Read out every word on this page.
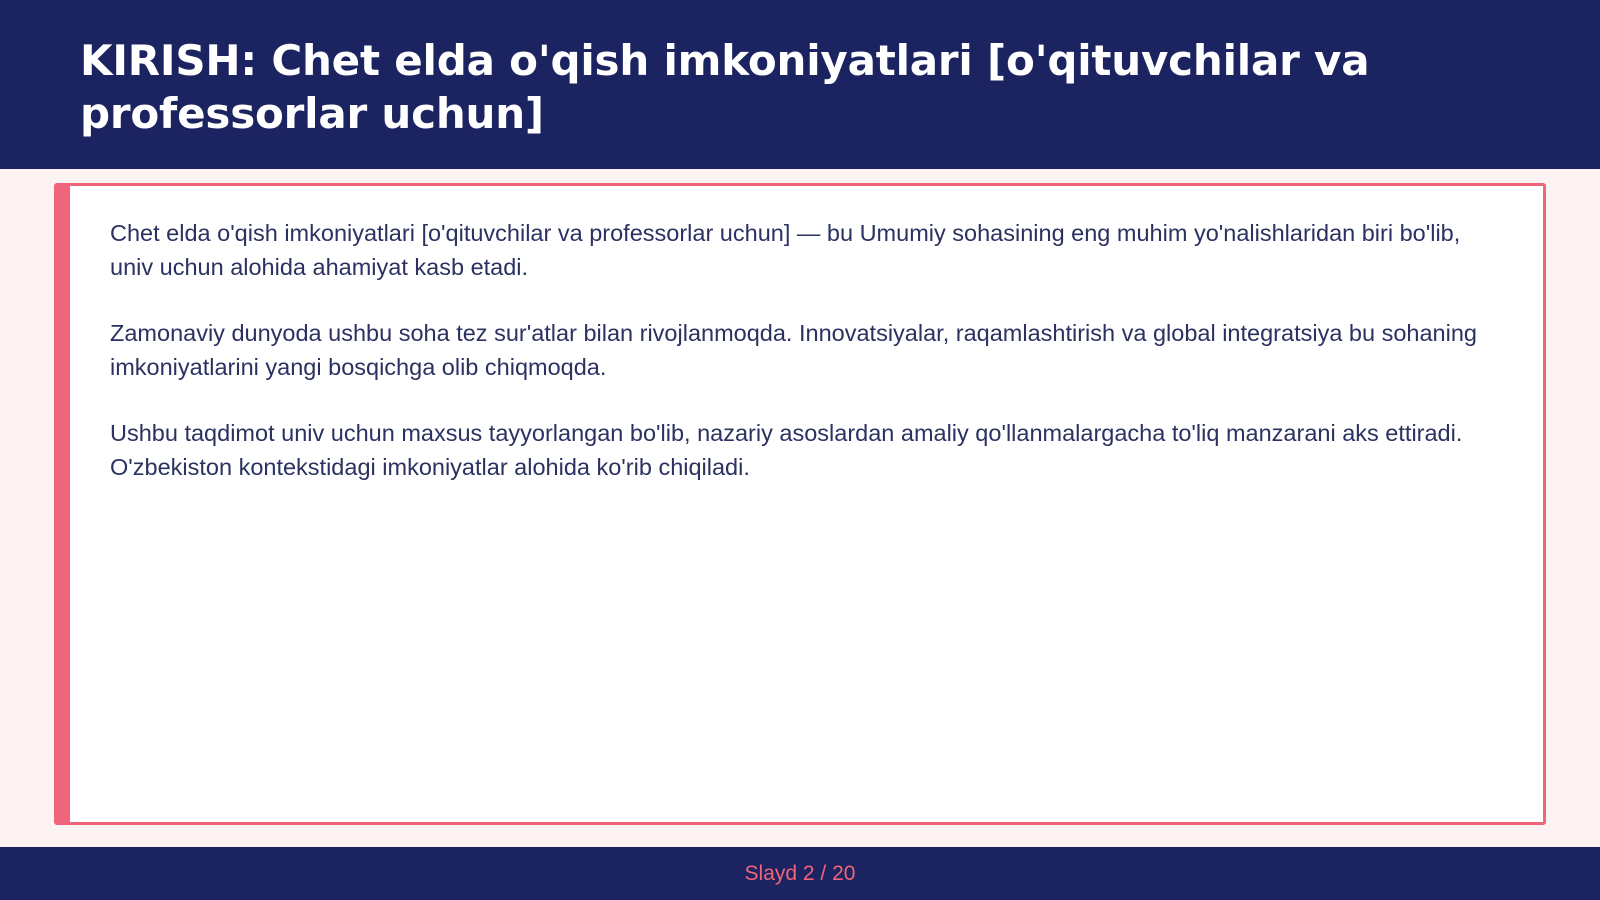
KIRISH: Chet elda o'qish imkoniyatlari [o'qituvchilar va professorlar uchun]

Chet elda o'qish imkoniyatlari [o'qituvchilar va professorlar uchun] — bu Umumiy sohasining eng muhim yo'nalishlaridan biri bo'lib, univ uchun alohida ahamiyat kasb etadi.

Zamonaviy dunyoda ushbu soha tez sur'atlar bilan rivojlanmoqda. Innovatsiyalar, raqamlashtirish va global integratsiya bu sohaning imkoniyatlarini yangi bosqichga olib chiqmoqda.

Ushbu taqdimot univ uchun maxsus tayyorlangan bo'lib, nazariy asoslardan amaliy qo'llanmalargacha to'liq manzarani aks ettiradi. O'zbekiston kontekstidagi imkoniyatlar alohida ko'rib chiqiladi.

Slayd 2 / 20
